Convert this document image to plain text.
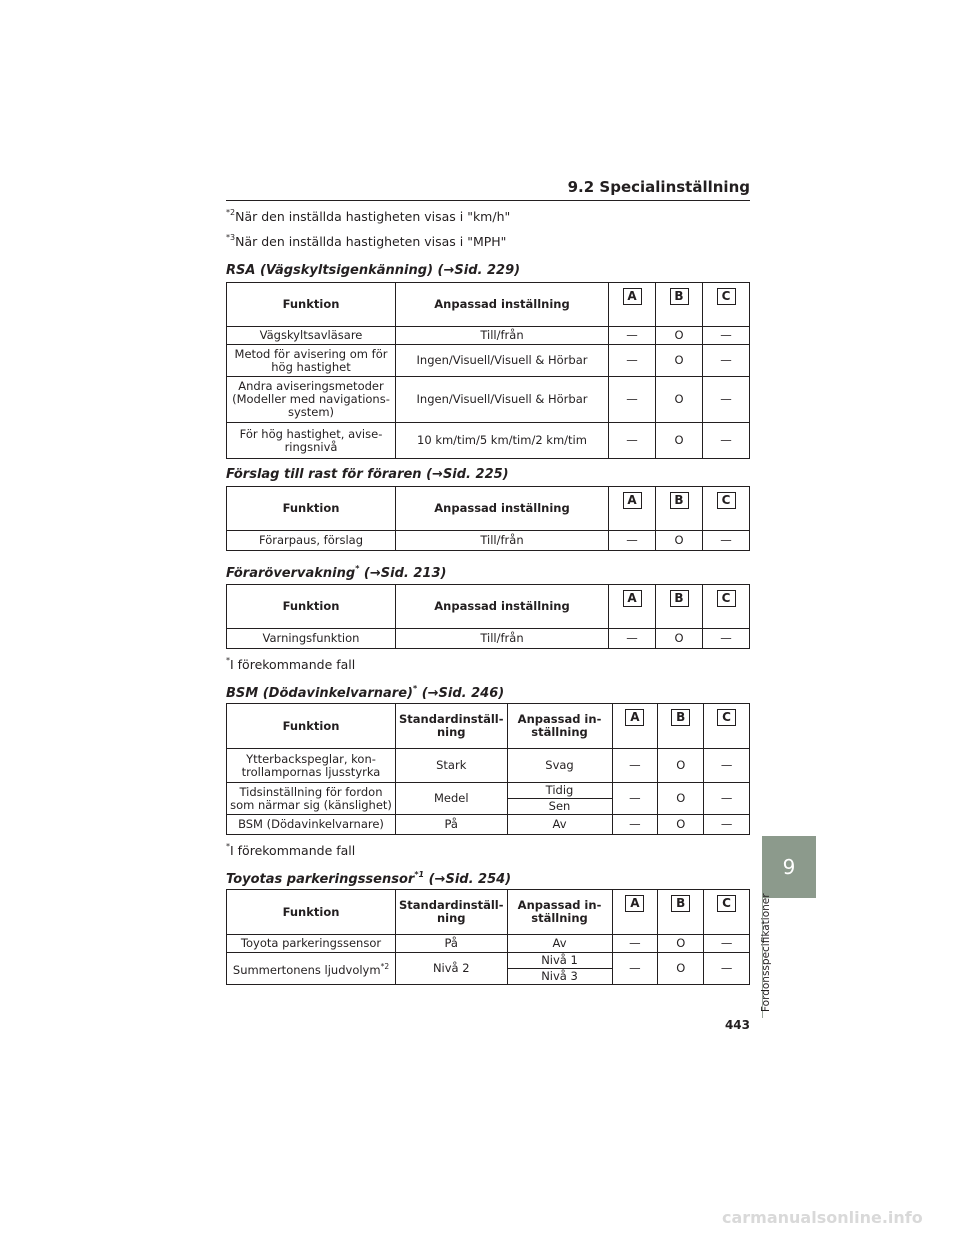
9.2 Specialinställning
$^{*2}$När den inställda hastigheten visas i "km/h"
$^{*3}$När den inställda hastigheten visas i "MPH"
RSA (Vägskyltsigenkänning) (→Sid. 229)
Funktion	Anpassad inställning	A	B	C
Vägskyltsavläsare	Till/från	—	O	—
Metod för avisering om för hög hastighet	Ingen/Visuell/Visuell & Hörbar	—	O	—
Andra aviseringsmetoder (Modeller med navigations-system)	Ingen/Visuell/Visuell & Hörbar	—	O	—
För hög hastighet, avise-ringsnivå	10 km/tim/5 km/tim/2 km/tim	—	O	—
Förslag till rast för föraren (→Sid. 225)
Funktion	Anpassad inställning	A	B	C
Förarpaus, förslag	Till/från	—	O	—
Förarövervakning* (→Sid. 213)
Funktion	Anpassad inställning	A	B	C
Varningsfunktion	Till/från	—	O	—
*I förekommande fall
BSM (Dödavinkelvarnare)* (→Sid. 246)
Funktion	Standardinställ-ning	Anpassad in-ställning	A	B	C
Ytterbackspeglar, kon-trollampornas ljusstyrka	Stark	Svag	—	O	—
Tidsinställning för fordon som närmar sig (känslighet)	Medel	Tidig	—	O	—
		Sen			
BSM (Dödavinkelvarnare)	På	Av	—	O	—
*I förekommande fall
Toyotas parkeringssensor$^{*1}$ (→Sid. 254)
Funktion	Standardinställ-ning	Anpassad in-ställning	A	B	C
Toyota parkeringssensor	På	Av	—	O	—
Summertonens ljudvolym$^{*2}$	Nivå 2	Nivå 1	—	O	—
		Nivå 3			
9
Fordonsspecifikationer
443
carmanualsonline.info
